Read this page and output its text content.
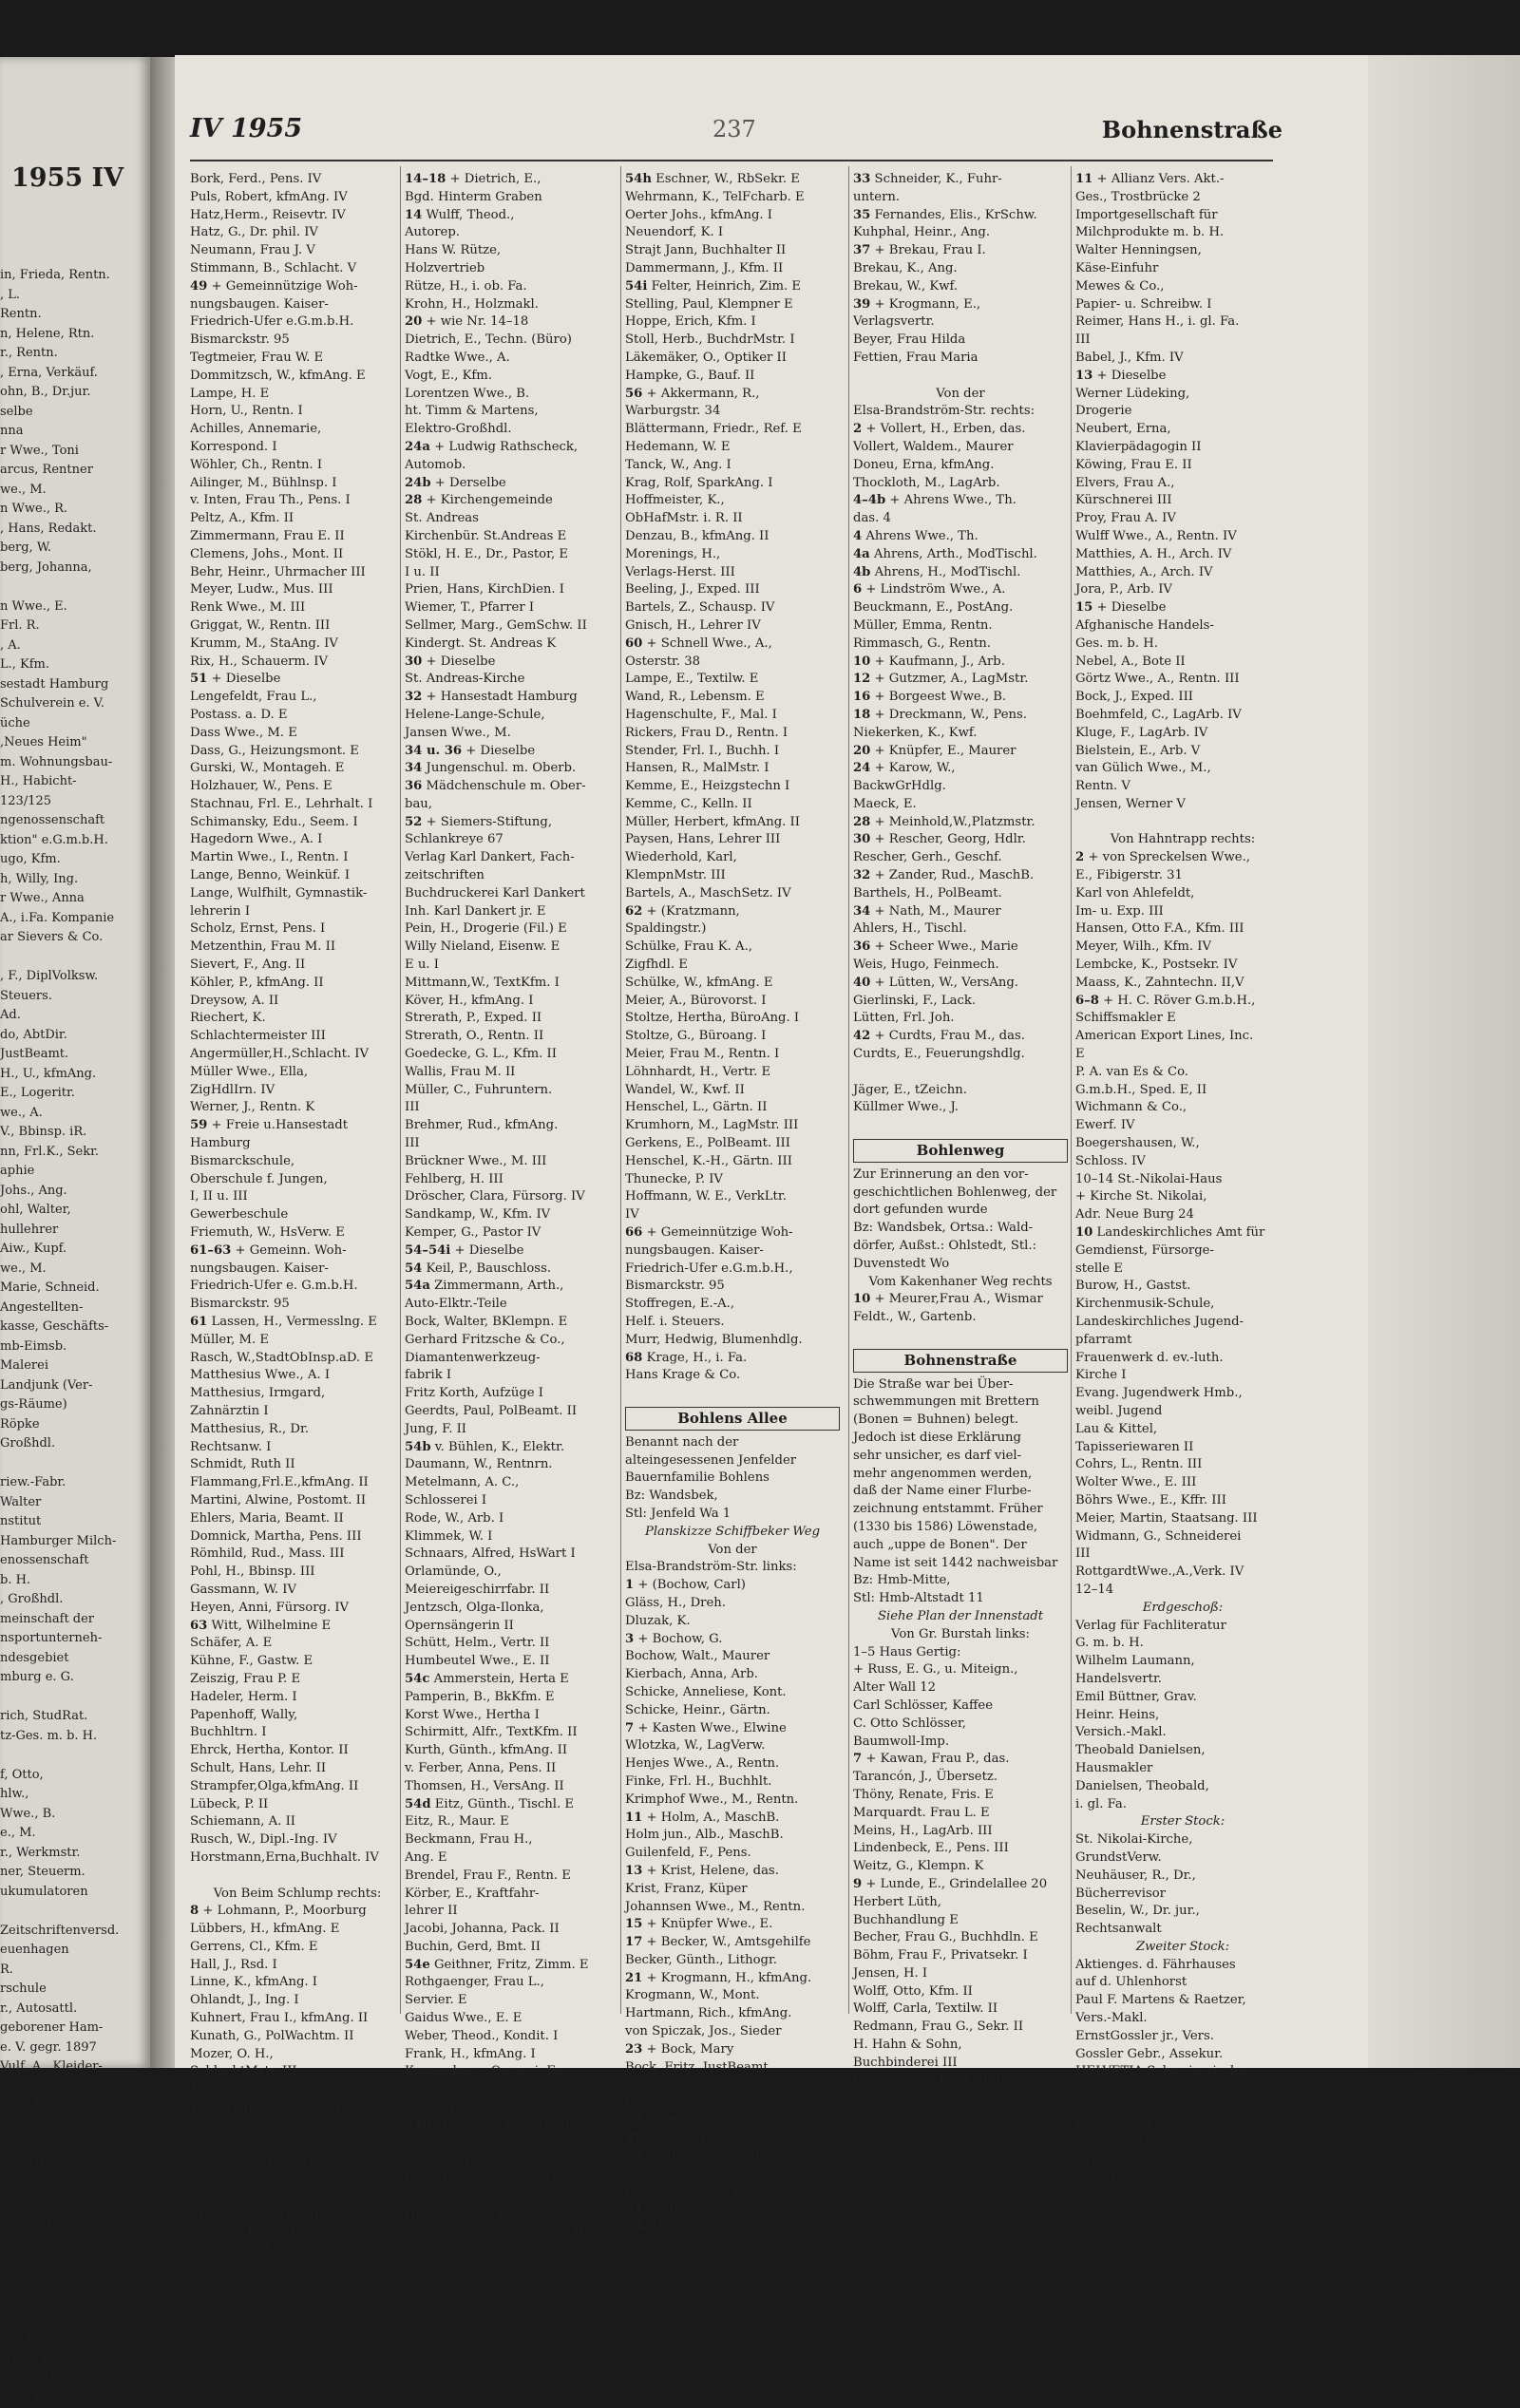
1955 IV
in, Frieda, Rentn.
, L.
Rentn.
n, Helene, Rtn.
r., Rentn.
, Erna, Verkäuf.
ohn, B., Dr.jur.
selbe
nna
r Wwe., Toni
arcus, Rentner
we., M.
n Wwe., R.
, Hans, Redakt.
berg, W.
berg, Johanna,

n Wwe., E.
Frl. R.
, A.
L., Kfm.
sestadt Hamburg
Schulverein e. V.
üche
,Neues Heim"
m. Wohnungsbau-
H., Habicht-
123/125
ngenossenschaft
ktion" e.G.m.b.H.
ugo, Kfm.
h, Willy, Ing.
r Wwe., Anna
A., i.Fa. Kompanie
ar Sievers & Co.

, F., DiplVolksw.
Steuers.
Ad.
do, AbtDir.
JustBeamt.
H., U., kfmAng.
E., Logeritr.
we., A.
V., Bbinsp. iR.
nn, Frl.K., Sekr.
aphie
Johs., Ang.
ohl, Walter,
hullehrer
Aiw., Kupf.
we., M.
Marie, Schneid.
Angestellten-
kasse, Geschäfts-
mb-Eimsb.
Malerei
Landjunk (Ver-
gs-Räume)
Röpke
Großhdl.

riew.-Fabr.
Walter
nstitut
Hamburger Milch-
enossenschaft
b. H.
, Großhdl.
meinschaft der
nsportunterneh-
ndesgebiet
mburg e. G.

rich, StudRat.
tz-Ges. m. b. H.

f, Otto,
hlw.,
Wwe., B.
e., M.
r., Werkmstr.
ner, Steuerm.
ukumulatoren

Zeitschriftenversd.
euenhagen
R.
rschule
r., Autosattl.
geborener Ham-
e. V. gegr. 1897
Vulf, A., Kleider-

eich, Karl,

iedr.., Hobler
io, OrthopMech.
Wagner,
vtrtgn.
Frl. E., Pens.
Frl. E., StudRat.
we., M.
isab., Lehr. iR.
Frl. M.
Modezeichn.
kfmAng.
Wwe., Frau F.
Wwe., M.
Frau K., Wwe.,
IV 1955	237	Bohnenstraße
Bork, Ferd., Pens. IV
Puls, Robert, kfmAng. IV
Hatz,Herm., Reisevtr. IV
Hatz, G., Dr. phil. IV
Neumann, Frau J. V
Stimmann, B., Schlacht. V
49 + Gemeinnützige Woh-
nungsbaugen. Kaiser-
Friedrich-Ufer e.G.m.b.H.
Bismarckstr. 95
Tegtmeier, Frau W. E
Dommitzsch, W., kfmAng. E
Lampe, H. E
Horn, U., Rentn. I
Achilles, Annemarie,
Korrespond. I
Wöhler, Ch., Rentn. I
Ailinger, M., Bühlnsp. I
v. Inten, Frau Th., Pens. I
Peltz, A., Kfm. II
Zimmermann, Frau E. II
Clemens, Johs., Mont. II
Behr, Heinr., Uhrmacher III
Meyer, Ludw., Mus. III
Renk Wwe., M. III
Griggat, W., Rentn. III
Krumm, M., StaAng. IV
Rix, H., Schauerm. IV
51 + Dieselbe
Lengefeldt, Frau L.,
Postass. a. D. E
Dass Wwe., M. E
Dass, G., Heizungsmont. E
Gurski, W., Montageh. E
Holzhauer, W., Pens. E
Stachnau, Frl. E., Lehrhalt. I
Schimansky, Edu., Seem. I
Hagedorn Wwe., A. I
Martin Wwe., I., Rentn. I
Lange, Benno, Weinküf. I
Lange, Wulfhilt, Gymnastik-
lehrerin I
Scholz, Ernst, Pens. I
Metzenthin, Frau M. II
Sievert, F., Ang. II
Köhler, P., kfmAng. II
Dreysow, A. II
Riechert, K.
Schlachtermeister III
Angermüller,H.,Schlacht. IV
Müller Wwe., Ella,
ZigHdlIrn. IV
Werner, J., Rentn. K
59 + Freie u.Hansestadt
Hamburg
Bismarckschule,
Oberschule f. Jungen,
I, II u. III
Gewerbeschule
Friemuth, W., HsVerw. E
61–63 + Gemeinn. Woh-
nungsbaugen. Kaiser-
Friedrich-Ufer e. G.m.b.H.
Bismarckstr. 95
61 Lassen, H., Vermesslng. E
Müller, M. E
Rasch, W.,StadtObInsp.aD. E
Matthesius Wwe., A. I
Matthesius, Irmgard,
Zahnärztin I
Matthesius, R., Dr.
Rechtsanw. I
Schmidt, Ruth II
Flammang,Frl.E.,kfmAng. II
Martini, Alwine, Postomt. II
Ehlers, Maria, Beamt. II
Domnick, Martha, Pens. III
Römhild, Rud., Mass. III
Pohl, H., Bbinsp. III
Gassmann, W. IV
Heyen, Anni, Fürsorg. IV
63 Witt, Wilhelmine E
Schäfer, A. E
Kühne, F., Gastw. E
Zeiszig, Frau P. E
Hadeler, Herm. I
Papenhoff, Wally,
Buchhltrn. I
Ehrck, Hertha, Kontor. II
Schult, Hans, Lehr. II
Strampfer,Olga,kfmAng. II
Lübeck, P. II
Schiemann, A. II
Rusch, W., Dipl.-Ing. IV
Horstmann,Erna,Buchhalt. IV

Von Beim Schlump rechts:
8 + Lohmann, P., Moorburg
Lübbers, H., kfmAng. E
Gerrens, Cl., Kfm. E
Hall, J., Rsd. I
Linne, K., kfmAng. I
Ohlandt, J., Ing. I
Kuhnert, Frau I., kfmAng. II
Kunath, G., PolWachtm. II
Mozer, O. H.,
SchlachtMstr. III
Mozer, Frau G.,Buchhdlr. III
12 + Hagebauer, Frl. H.,
das.
Borges, F., tZeichn. E
Hagelstein, K., Verkf. E
Kröger, Else, Färberei-
Annahme E
Appold, A., Servierin I
Höhlein, Liselotte, Fakt. I
Kröger, K. H., kfmAng. II
14–18 + Dietrich, E.,
Bgd. Hinterm Graben
14 Wulff, Theod.,
Autorep.
Hans W. Rütze,
Holzvertrieb
Rütze, H., i. ob. Fa.
Krohn, H., Holzmakl.
20 + wie Nr. 14–18
Dietrich, E., Techn. (Büro)
Radtke Wwe., A.
Vogt, E., Kfm.
Lorentzen Wwe., B.
ht. Timm & Martens,
Elektro-Großhdl.
24a + Ludwig Rathscheck,
Automob.
24b + Derselbe
28 + Kirchengemeinde
St. Andreas
Kirchenbür. St.Andreas E
Stökl, H. E., Dr., Pastor, E
I u. II
Prien, Hans, KirchDien. I
Wiemer, T., Pfarrer I
Sellmer, Marg., GemSchw. II
Kindergt. St. Andreas K
30 + Dieselbe
St. Andreas-Kirche
32 + Hansestadt Hamburg
Helene-Lange-Schule,
Jansen Wwe., M.
34 u. 36 + Dieselbe
34 Jungenschul. m. Oberb.
36 Mädchenschule m. Ober-
bau,
52 + Siemers-Stiftung,
Schlankreye 67
Verlag Karl Dankert, Fach-
zeitschriften
Buchdruckerei Karl Dankert
Inh. Karl Dankert jr. E
Pein, H., Drogerie (Fil.) E
Willy Nieland, Eisenw. E
E u. I
Mittmann,W., TextKfm. I
Köver, H., kfmAng. I
Strerath, P., Exped. II
Strerath, O., Rentn. II
Goedecke, G. L., Kfm. II
Wallis, Frau M. II
Müller, C., Fuhruntern.
III
Brehmer, Rud., kfmAng.
III
Brückner Wwe., M. III
Fehlberg, H. III
Dröscher, Clara, Fürsorg. IV
Sandkamp, W., Kfm. IV
Kemper, G., Pastor IV
54–54i + Dieselbe
54 Keil, P., Bauschloss.
54a Zimmermann, Arth.,
Auto-Elktr.-Teile
Bock, Walter, BKlempn. E
Gerhard Fritzsche & Co.,
Diamantenwerkzeug-
fabrik I
Fritz Korth, Aufzüge I
Geerdts, Paul, PolBeamt. II
Jung, F. II
54b v. Bühlen, K., Elektr.
Daumann, W., Rentnrn.
Metelmann, A. C.,
Schlosserei I
Rode, W., Arb. I
Klimmek, W. I
Schnaars, Alfred, HsWart I
Orlamünde, O.,
Meiereigeschirrfabr. II
Jentzsch, Olga-Ilonka,
Opernsängerin II
Schütt, Helm., Vertr. II
Humbeutel Wwe., E. II
54c Ammerstein, Herta E
Pamperin, B., BkKfm. E
Korst Wwe., Hertha I
Schirmitt, Alfr., TextKfm. II
Kurth, Günth., kfmAng. II
v. Ferber, Anna, Pens. II
Thomsen, H., VersAng. II
54d Eitz, Günth., Tischl. E
Eitz, R., Maur. E
Beckmann, Frau H.,
Ang. E
Brendel, Frau F., Rentn. E
Körber, E., Kraftfahr-
lehrer II
Jacobi, Johanna, Pack. II
Buchin, Gerd, Bmt. II
54e Geithner, Fritz, Zimm. E
Rothgaenger, Frau L.,
Servier. E
Gaidus Wwe., E. E
Weber, Theod., Kondit. I
Frank, H., kfmAng. I
Koppenburg, Oscar, i. Fa.
Oscar Koppenburg
& Co. II
54g Möller, W., Bauarb. II
Kellermann, Frau H. II
Brumm, H.-J., Ing. II
Diek, Franz, ZimPolier I
Glüsing, M. II
Hirschner, W., kfmAng. II
Voss, Friedrich, Schlosser II
54h Eschner, W., RbSekr. E
Wehrmann, K., TelFcharb. E
Oerter Johs., kfmAng. I
Neuendorf, K. I
Strajt Jann, Buchhalter II
Dammermann, J., Kfm. II
54i Felter, Heinrich, Zim. E
Stelling, Paul, Klempner E
Hoppe, Erich, Kfm. I
Stoll, Herb., BuchdrMstr. I
Läkemäker, O., Optiker II
Hampke, G., Bauf. II
56 + Akkermann, R.,
Warburgstr. 34
Blättermann, Friedr., Ref. E
Hedemann, W. E
Tanck, W., Ang. I
Krag, Rolf, SparkAng. I
Hoffmeister, K.,
ObHafMstr. i. R. II
Denzau, B., kfmAng. II
Morenings, H.,
Verlags-Herst. III
Beeling, J., Exped. III
Bartels, Z., Schausp. IV
Gnisch, H., Lehrer IV
60 + Schnell Wwe., A.,
Osterstr. 38
Lampe, E., Textilw. E
Wand, R., Lebensm. E
Hagenschulte, F., Mal. I
Rickers, Frau D., Rentn. I
Stender, Frl. I., Buchh. I
Hansen, R., MalMstr. I
Kemme, E., Heizgstechn I
Kemme, C., Kelln. II
Müller, Herbert, kfmAng. II
Paysen, Hans, Lehrer III
Wiederhold, Karl,
KlempnMstr. III
Bartels, A., MaschSetz. IV
62 + (Kratzmann,
Spaldingstr.)
Schülke, Frau K. A.,
Zigfhdl. E
Schülke, W., kfmAng. E
Meier, A., Bürovorst. I
Stoltze, Hertha, BüroAng. I
Stoltze, G., Büroang. I
Meier, Frau M., Rentn. I
Löhnhardt, H., Vertr. E
Wandel, W., Kwf. II
Henschel, L., Gärtn. II
Krumhorn, M., LagMstr. III
Gerkens, E., PolBeamt. III
Henschel, K.-H., Gärtn. III
Thunecke, P. IV
Hoffmann, W. E., VerkLtr.
IV
66 + Gemeinnützige Woh-
nungsbaugen. Kaiser-
Friedrich-Ufer e.G.m.b.H.,
Bismarckstr. 95
Stoffregen, E.-A.,
Helf. i. Steuers.
Murr, Hedwig, Blumenhdlg.
68 Krage, H., i. Fa.
Hans Krage & Co.

Bohlens Allee
Benannt nach der
alteingesessenen Jenfelder
Bauernfamilie Bohlens
Bz: Wandsbek,
Stl: Jenfeld Wa 1
Planskizze Schiffbeker Weg
Von der
Elsa-Brandström-Str. links:
1 + (Bochow, Carl)
Gläss, H., Dreh.
Dluzak, K.
3 + Bochow, G.
Bochow, Walt., Maurer
Kierbach, Anna, Arb.
Schicke, Anneliese, Kont.
Schicke, Heinr., Gärtn.
7 + Kasten Wwe., Elwine
Wlotzka, W., LagVerw.
Henjes Wwe., A., Rentn.
Finke, Frl. H., Buchhlt.
Krimphof Wwe., M., Rentn.
11 + Holm, A., MaschB.
Holm jun., Alb., MaschB.
Guilenfeld, F., Pens.
13 + Krist, Helene, das.
Krist, Franz, Küper
Johannsen Wwe., M., Rentn.
15 + Knüpfer Wwe., E.
17 + Becker, W., Amtsgehilfe
Becker, Günth., Lithogr.
21 + Krogmann, H., kfmAng.
Krogmann, W., Mont.
Hartmann, Rich., kfmAng.
von Spiczak, Jos., Sieder
23 + Bock, Mary
Bock, Fritz, JustBeamt.
Büsch, Wilhelmine,Schneid.
Büsch, Ilse, kfmAng.
25 + Druwe, R., Maurer
27 + Pott, H., Maurer
29 + Uhlig Wwe., Minna
Lehmann, R., Tischl.
Rudszuck Wwe., E., Rentn.
31 + Mumm,R.,Roheishdl.
33–35 + Schneider, K.,
das. 33
33 Schneider, K., Fuhr-
untern.
35 Fernandes, Elis., KrSchw.
Kuhphal, Heinr., Ang.
37 + Brekau, Frau I.
Brekau, K., Ang.
Brekau, W., Kwf.
39 + Krogmann, E.,
Verlagsvertr.
Beyer, Frau Hilda
Fettien, Frau Maria

Von der
Elsa-Brandström-Str. rechts:
2 + Vollert, H., Erben, das.
Vollert, Waldem., Maurer
Doneu, Erna, kfmAng.
Thockloth, M., LagArb.
4–4b + Ahrens Wwe., Th.
das. 4
4 Ahrens Wwe., Th.
4a Ahrens, Arth., ModTischl.
4b Ahrens, H., ModTischl.
6 + Lindström Wwe., A.
Beuckmann, E., PostAng.
Müller, Emma, Rentn.
Rimmasch, G., Rentn.
10 + Kaufmann, J., Arb.
12 + Gutzmer, A., LagMstr.
16 + Borgeest Wwe., B.
18 + Dreckmann, W., Pens.
Niekerken, K., Kwf.
20 + Knüpfer, E., Maurer
24 + Karow, W.,
BackwGrHdlg.
Maeck, E.
28 + Meinhold,W.,Platzmstr.
30 + Rescher, Georg, Hdlr.
Rescher, Gerh., Geschf.
32 + Zander, Rud., MaschB.
Barthels, H., PolBeamt.
34 + Nath, M., Maurer
Ahlers, H., Tischl.
36 + Scheer Wwe., Marie
Weis, Hugo, Feinmech.
40 + Lütten, W., VersAng.
Gierlinski, F., Lack.
Lütten, Frl. Joh.
42 + Curdts, Frau M., das.
Curdts, E., Feuerungshdlg.

Jäger, E., tZeichn.
Küllmer Wwe., J.

Bohlenweg
Zur Erinnerung an den vor-
geschichtlichen Bohlenweg, der
dort gefunden wurde
Bz: Wandsbek, Ortsa.: Wald-
dörfer, Außst.: Ohlstedt, Stl.:
Duvenstedt Wo
Vom Kakenhaner Weg rechts
10 + Meurer,Frau A., Wismar
Feldt., W., Gartenb.

Bohnenstraße
Die Straße war bei Über-
schwemmungen mit Brettern
(Bonen = Buhnen) belegt.
Jedoch ist diese Erklärung
sehr unsicher, es darf viel-
mehr angenommen werden,
daß der Name einer Flurbe-
zeichnung entstammt. Früher
(1330 bis 1586) Löwenstade,
auch „uppe de Bonen". Der
Name ist seit 1442 nachweisbar
Bz: Hmb-Mitte,
Stl: Hmb-Altstadt 11
Siehe Plan der Innenstadt
Von Gr. Burstah links:
1–5 Haus Gertig:
+ Russ, E. G., u. Miteign.,
Alter Wall 12
Carl Schlösser, Kaffee
C. Otto Schlösser,
Baumwoll-Imp.
7 + Kawan, Frau P., das.
Tarancón, J., Übersetz.
Thöny, Renate, Fris. E
Marquardt. Frau L. E
Meins, H., LagArb. III
Lindenbeck, E., Pens. III
Weitz, G., Klempn. K
9 + Lunde, E., Grindelallee 20
Herbert Lüth,
Buchhandlung E
Becher, Frau G., Buchhdln. E
Böhm, Frau F., Privatsekr. I
Jensen, H. I
Wolff, Otto, Kfm. II
Wolff, Carla, Textilw. II
Redmann, Frau G., Sekr. II
H. Hahn & Sohn,
Buchbinderei III
Bibrach, Th., Buchbd. III
Schult, K. IV
11 + Allianz Vers. Akt.-
Ges., Trostbrücke 2
Importgesellschaft für
Milchprodukte m. b. H.
Walter Henningsen,
Käse-Einfuhr
Mewes & Co.,
Papier- u. Schreibw. I
Reimer, Hans H., i. gl. Fa.
III
Babel, J., Kfm. IV
13 + Dieselbe
Werner Lüdeking,
Drogerie
Neubert, Erna,
Klavierpädagogin II
Köwing, Frau E. II
Elvers, Frau A.,
Kürschnerei III
Proy, Frau A. IV
Wulff Wwe., A., Rentn. IV
Matthies, A. H., Arch. IV
Matthies, A., Arch. IV
Jora, P., Arb. IV
15 + Dieselbe
Afghanische Handels-
Ges. m. b. H.
Nebel, A., Bote II
Görtz Wwe., A., Rentn. III
Bock, J., Exped. III
Boehmfeld, C., LagArb. IV
Kluge, F., LagArb. IV
Bielstein, E., Arb. V
van Gülich Wwe., M.,
Rentn. V
Jensen, Werner V

Von Hahntrapp rechts:
2 + von Spreckelsen Wwe.,
E., Fibigerstr. 31
Karl von Ahlefeldt,
Im- u. Exp. III
Hansen, Otto F.A., Kfm. III
Meyer, Wilh., Kfm. IV
Lembcke, K., Postsekr. IV
Maass, K., Zahntechn. II,V
6–8 + H. C. Röver G.m.b.H.,
Schiffsmakler E
American Export Lines, Inc.
E
P. A. van Es & Co.
G.m.b.H., Sped. E, II
Wichmann & Co.,
Ewerf. IV
Boegershausen, W.,
Schloss. IV
10–14 St.-Nikolai-Haus
+ Kirche St. Nikolai,
Adr. Neue Burg 24
10 Landeskirchliches Amt für
Gemdienst, Fürsorge-
stelle E
Burow, H., Gastst.
Kirchenmusik-Schule,
Landeskirchliches Jugend-
pfarramt
Frauenwerk d. ev.-luth.
Kirche I
Evang. Jugendwerk Hmb.,
weibl. Jugend
Lau & Kittel,
Tapisseriewaren II
Cohrs, L., Rentn. III
Wolter Wwe., E. III
Böhrs Wwe., E., Kffr. III
Meier, Martin, Staatsang. III
Widmann, G., Schneiderei
III
RottgardtWwe.,A.,Verk. IV
12–14
Erdgeschoß:
Verlag für Fachliteratur
G. m. b. H.
Wilhelm Laumann,
Handelsvertr.
Emil Büttner, Grav.
Heinr. Heins,
Versich.-Makl.
Theobald Danielsen,
Hausmakler
Danielsen, Theobald,
i. gl. Fa.
Erster Stock:
St. Nikolai-Kirche,
GrundstVerw.
Neuhäuser, R., Dr.,
Bücherrevisor
Beselin, W., Dr. jur.,
Rechtsanwalt
Zweiter Stock:
Aktienges. d. Fährhauses
auf d. Uhlenhorst
Paul F. Martens & Raetzer,
Vers.-Makl.
ErnstGossler jr., Vers.
Gossler Gebr., Assekur.
HELVETIA Schweizerische
Feuerversicherungs.-Ges.
Bez.-Dir.
Wesselhoeft & Ahlers,
Versich.-Makl.
,,Titus"-Wohnungsbauges.
m. b. H.
W. P. Treu & Co.,
Assek.-Makl.
